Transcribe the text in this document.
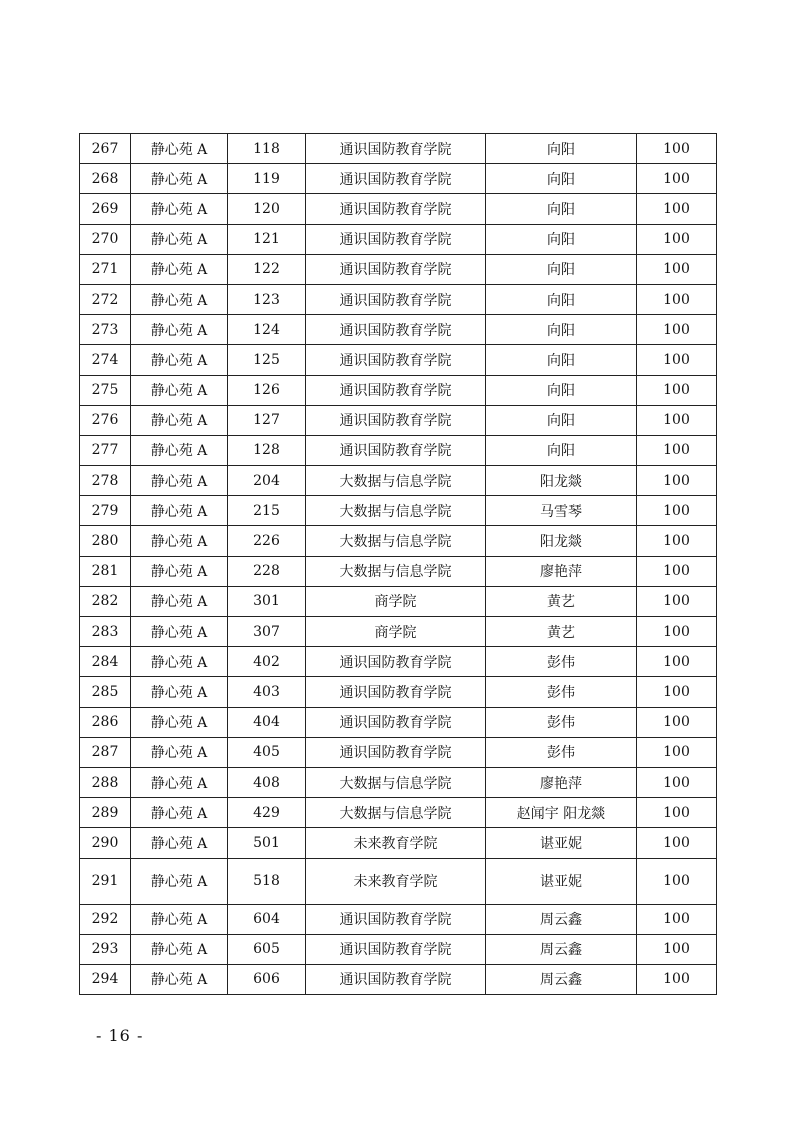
267	静心苑 A	118	通识国防教育学院	向阳	100
268	静心苑 A	119	通识国防教育学院	向阳	100
269	静心苑 A	120	通识国防教育学院	向阳	100
270	静心苑 A	121	通识国防教育学院	向阳	100
271	静心苑 A	122	通识国防教育学院	向阳	100
272	静心苑 A	123	通识国防教育学院	向阳	100
273	静心苑 A	124	通识国防教育学院	向阳	100
274	静心苑 A	125	通识国防教育学院	向阳	100
275	静心苑 A	126	通识国防教育学院	向阳	100
276	静心苑 A	127	通识国防教育学院	向阳	100
277	静心苑 A	128	通识国防教育学院	向阳	100
278	静心苑 A	204	大数据与信息学院	阳龙燚	100
279	静心苑 A	215	大数据与信息学院	马雪琴	100
280	静心苑 A	226	大数据与信息学院	阳龙燚	100
281	静心苑 A	228	大数据与信息学院	廖艳萍	100
282	静心苑 A	301	商学院	黄艺	100
283	静心苑 A	307	商学院	黄艺	100
284	静心苑 A	402	通识国防教育学院	彭伟	100
285	静心苑 A	403	通识国防教育学院	彭伟	100
286	静心苑 A	404	通识国防教育学院	彭伟	100
287	静心苑 A	405	通识国防教育学院	彭伟	100
288	静心苑 A	408	大数据与信息学院	廖艳萍	100
289	静心苑 A	429	大数据与信息学院	赵闻宇 阳龙燚	100
290	静心苑 A	501	未来教育学院	谌亚妮	100
291	静心苑 A	518	未来教育学院	谌亚妮	100
292	静心苑 A	604	通识国防教育学院	周云鑫	100
293	静心苑 A	605	通识国防教育学院	周云鑫	100
294	静心苑 A	606	通识国防教育学院	周云鑫	100
- 16 -
